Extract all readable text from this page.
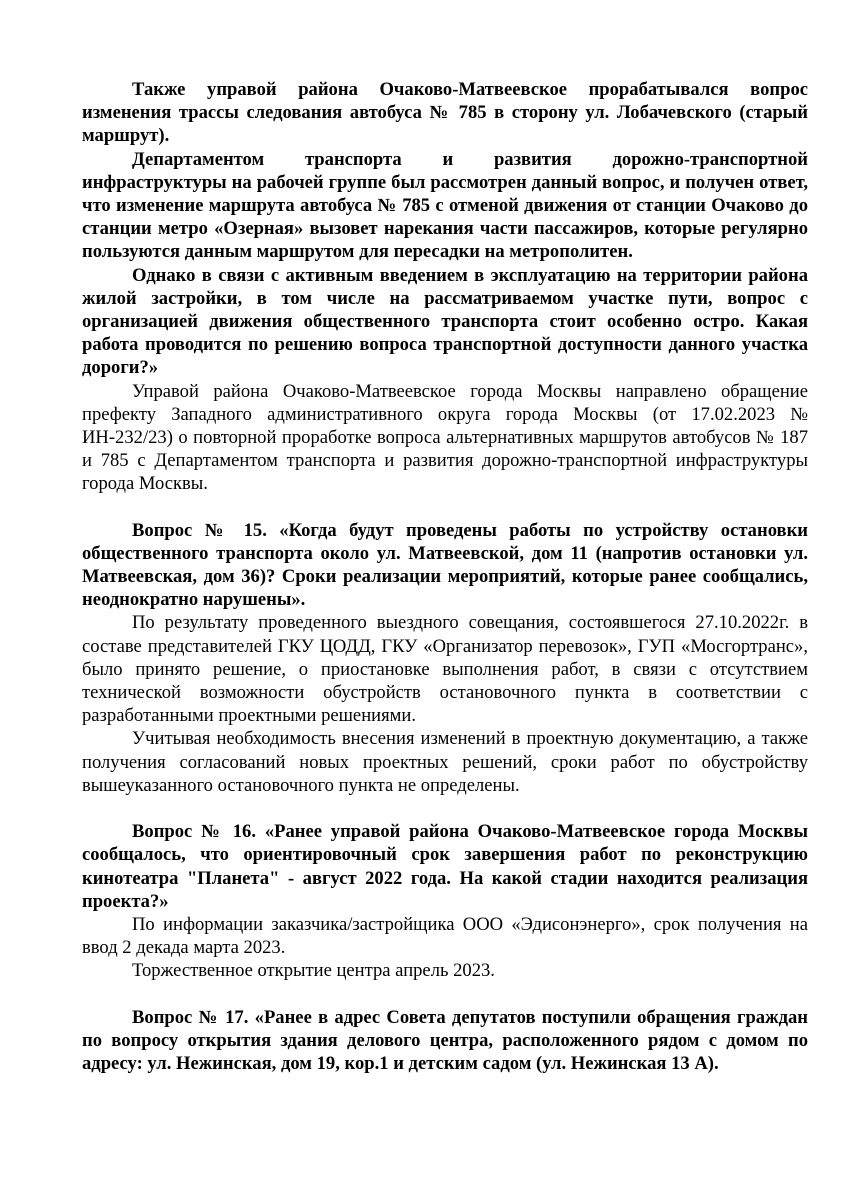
Также управой района Очаково-Матвеевское прорабатывался вопрос изменения трассы следования автобуса № 785 в сторону ул. Лобачевского (старый маршрут).

Департаментом транспорта и развития дорожно-транспортной инфраструктуры на рабочей группе был рассмотрен данный вопрос, и получен ответ, что изменение маршрута автобуса № 785 с отменой движения от станции Очаково до станции метро «Озерная» вызовет нарекания части пассажиров, которые регулярно пользуются данным маршрутом для пересадки на метрополитен.

Однако в связи с активным введением в эксплуатацию на территории района жилой застройки, в том числе на рассматриваемом участке пути, вопрос с организацией движения общественного транспорта стоит особенно остро. Какая работа проводится по решению вопроса транспортной доступности данного участка дороги?»

Управой района Очаково-Матвеевское города Москвы направлено обращение префекту Западного административного округа города Москвы (от 17.02.2023 № ИН-232/23) о повторной проработке вопроса альтернативных маршрутов автобусов № 187 и 785 с Департаментом транспорта и развития дорожно-транспортной инфраструктуры города Москвы.

Вопрос № 15. «Когда будут проведены работы по устройству остановки общественного транспорта около ул. Матвеевской, дом 11 (напротив остановки ул. Матвеевская, дом 36)? Сроки реализации мероприятий, которые ранее сообщались, неоднократно нарушены».

По результату проведенного выездного совещания, состоявшегося 27.10.2022г. в составе представителей ГКУ ЦОДД, ГКУ «Организатор перевозок», ГУП «Мосгортранс», было принято решение, о приостановке выполнения работ, в связи с отсутствием технической возможности обустройств остановочного пункта в соответствии с разработанными проектными решениями.

Учитывая необходимость внесения изменений в проектную документацию, а также получения согласований новых проектных решений, сроки работ по обустройству вышеуказанного остановочного пункта не определены.

Вопрос № 16. «Ранее управой района Очаково-Матвеевское города Москвы сообщалось, что ориентировочный срок завершения работ по реконструкцию кинотеатра "Планета" - август 2022 года. На какой стадии находится реализация проекта?»

По информации заказчика/застройщика ООО «Эдисонэнерго», срок получения на ввод 2 декада марта 2023.

Торжественное открытие центра апрель 2023.

Вопрос № 17. «Ранее в адрес Совета депутатов поступили обращения граждан по вопросу открытия здания делового центра, расположенного рядом с домом по адресу: ул. Нежинская, дом 19, кор.1 и детским садом (ул. Нежинская 13 А).
